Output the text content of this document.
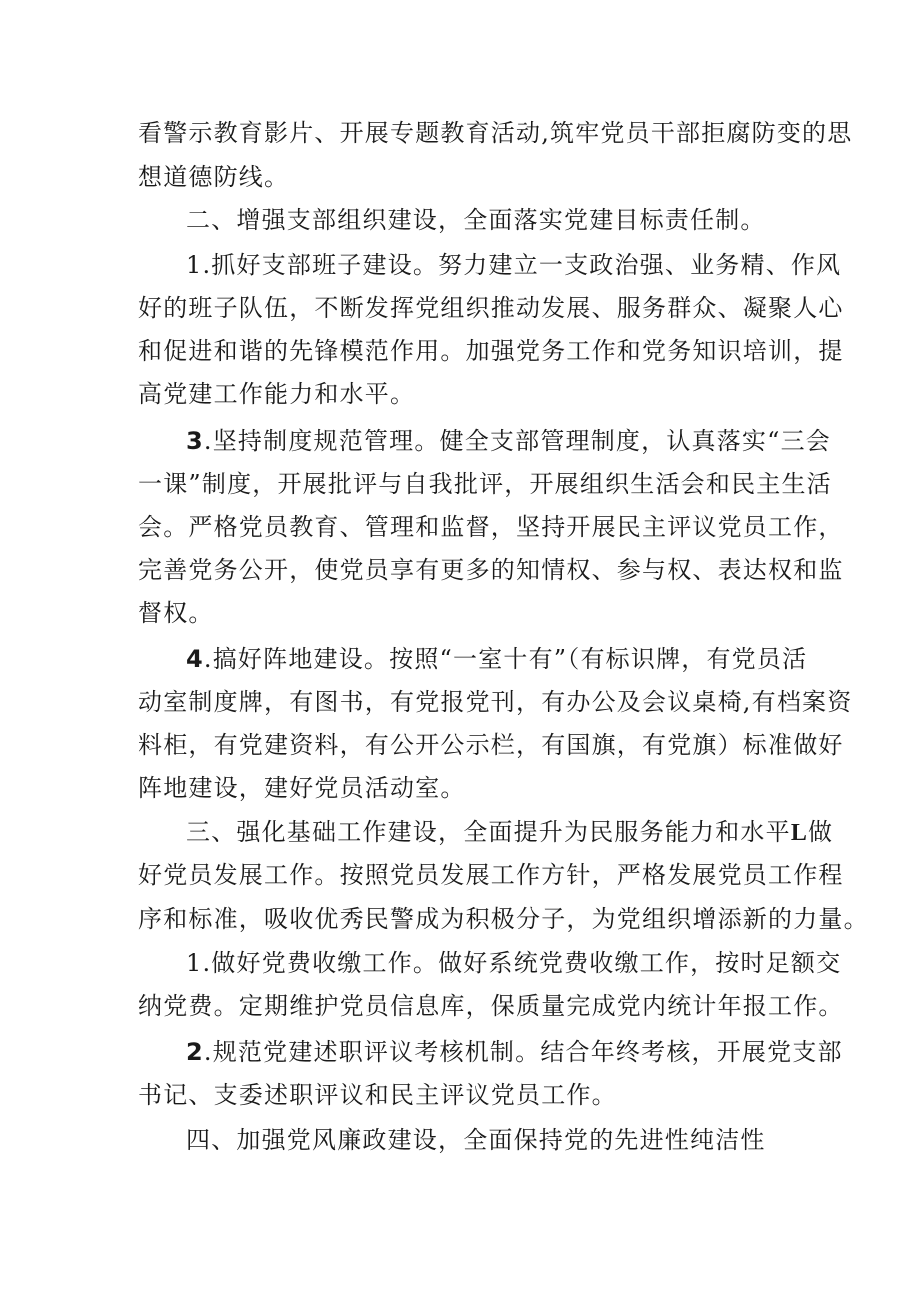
看警示教育影片、开展专题教育活动,筑牢党员干部拒腐防变的思
想道德防线。
二、增强支部组织建设，全面落实党建目标责任制。
1.抓好支部班子建设。努力建立一支政治强、业务精、作风
好的班子队伍，不断发挥党组织推动发展、服务群众、凝聚人心
和促进和谐的先锋模范作用。加强党务工作和党务知识培训，提
高党建工作能力和水平。
3.坚持制度规范管理。健全支部管理制度，认真落实“三会
一课”制度，开展批评与自我批评，开展组织生活会和民主生活
会。严格党员教育、管理和监督，坚持开展民主评议党员工作，
完善党务公开，使党员享有更多的知情权、参与权、表达权和监
督权。
4.搞好阵地建设。按照“一室十有”（有标识牌，有党员活
动室制度牌，有图书，有党报党刊，有办公及会议桌椅,有档案资
料柜，有党建资料，有公开公示栏，有国旗，有党旗）标准做好
阵地建设，建好党员活动室。
三、强化基础工作建设，全面提升为民服务能力和水平L做
好党员发展工作。按照党员发展工作方针，严格发展党员工作程
序和标准，吸收优秀民警成为积极分子，为党组织增添新的力量。
1.做好党费收缴工作。做好系统党费收缴工作，按时足额交
纳党费。定期维护党员信息库，保质量完成党内统计年报工作。
2.规范党建述职评议考核机制。结合年终考核，开展党支部
书记、支委述职评议和民主评议党员工作。
四、加强党风廉政建设，全面保持党的先进性纯洁性
